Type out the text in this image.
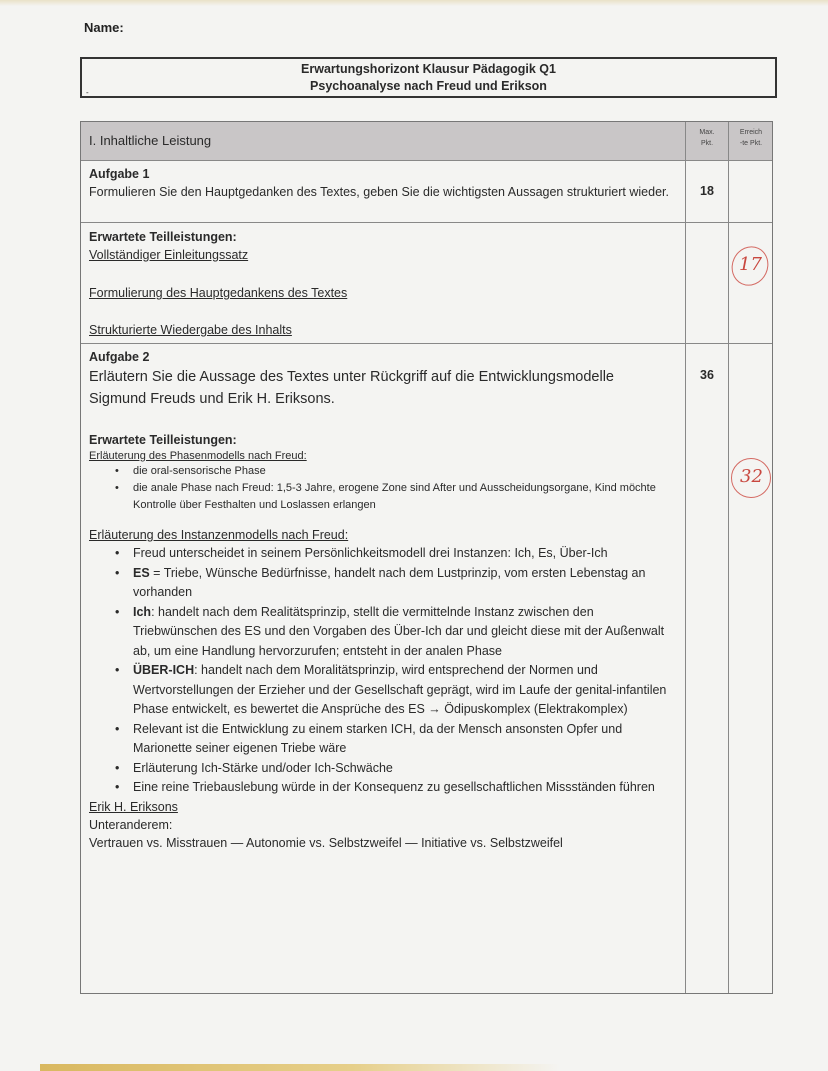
Name:
Erwartungshorizont Klausur Pädagogik Q1
Psychoanalyse nach Freud und Erikson
-
I. Inhaltliche Leistung
Max.
Pkt.
Erreich
-te Pkt.
Aufgabe 1
Formulieren Sie den Hauptgedanken des Textes, geben Sie die wichtigsten Aussagen strukturiert wieder.	18
Erwartete Teilleistungen:
Vollständiger Einleitungssatz
Formulierung des Hauptgedankens des Textes
Strukturierte Wiedergabe des Inhalts
17
Aufgabe 2
Erläutern Sie die Aussage des Textes unter Rückgriff auf die Entwicklungsmodelle Sigmund Freuds und Erik H. Eriksons.
36
Erwartete Teilleistungen:
Erläuterung des Phasenmodells nach Freud:
• die oral-sensorische Phase
• die anale Phase nach Freud: 1,5-3 Jahre, erogene Zone sind After und Ausscheidungsorgane, Kind möchte Kontrolle über Festhalten und Loslassen erlangen
Erläuterung des Instanzenmodells nach Freud:
• Freud unterscheidet in seinem Persönlichkeitsmodell drei Instanzen: Ich, Es, Über-Ich
• ES = Triebe, Wünsche Bedürfnisse, handelt nach dem Lustprinzip, vom ersten Lebenstag an vorhanden
• Ich: handelt nach dem Realitätsprinzip, stellt die vermittelnde Instanz zwischen den Triebwünschen des ES und den Vorgaben des Über-Ich dar und gleicht diese mit der Außenwalt ab, um eine Handlung hervorzurufen; entsteht in der analen Phase
• ÜBER-ICH: handelt nach dem Moralitätsprinzip, wird entsprechend der Normen und Wertvorstellungen der Erzieher und der Gesellschaft geprägt, wird im Laufe der genital-infantilen Phase entwickelt, es bewertet die Ansprüche des ES → Ödipuskomplex (Elektrakomplex)
• Relevant ist die Entwicklung zu einem starken ICH, da der Mensch ansonsten Opfer und Marionette seiner eigenen Triebe wäre
• Erläuterung Ich-Stärke und/oder Ich-Schwäche
• Eine reine Triebauslebung würde in der Konsequenz zu gesellschaftlichen Missständen führen
Erik H. Eriksons
Unteranderem:
Vertrauen vs. Misstrauen — Autonomie vs. Selbstzweifel — Initiative vs. Selbstzweifel
32
